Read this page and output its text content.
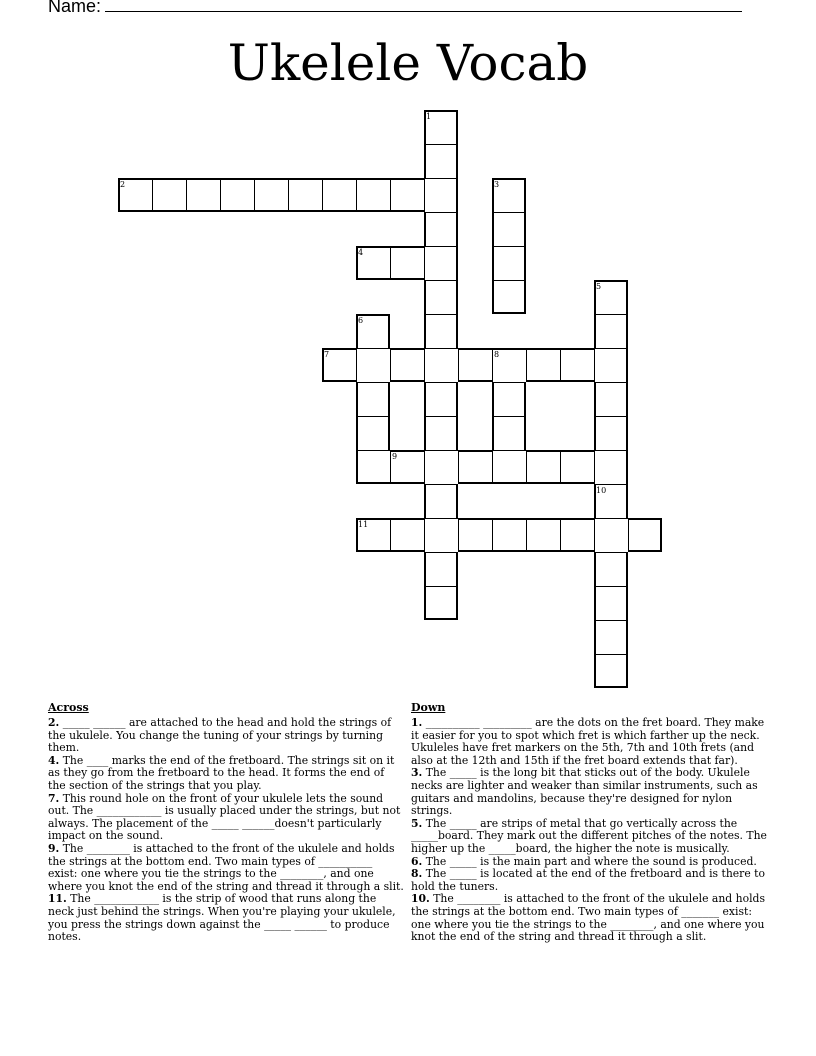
Name:
Ukelele Vocab
1
2	3
4
5
6
7	8
9
10
11
Across

2. _____ ______ are attached to the head and hold the strings of the ukulele. You change the tuning of your strings by turning them.

4. The ____ marks the end of the fretboard. The strings sit on it as they go from the fretboard to the head. It forms the end of the section of the strings that you play.

7. This round hole on the front of your ukulele lets the sound out. The ____________ is usually placed under the strings, but not always. The placement of the _____ ______doesn't particularly impact on the sound.

9. The ________ is attached to the front of the ukulele and holds the strings at the bottom end. Two main types of __________ exist: one where you tie the strings to the ________, and one where you knot the end of the string and thread it through a slit.

11. The ____________ is the strip of wood that runs along the neck just behind the strings. When you're playing your ukulele, you press the strings down against the _____ ______ to produce notes.

Down

1. __________ _________ are the dots on the fret board. They make it easier for you to spot which fret is which farther up the neck. Ukuleles have fret markers on the 5th, 7th and 10th frets (and also at the 12th and 15th if the fret board extends that far).

3. The _____ is the long bit that sticks out of the body. Ukulele necks are lighter and weaker than similar instruments, such as guitars and mandolins, because they're designed for nylon strings.

5. The _____ are strips of metal that go vertically across the _____board. They mark out the different pitches of the notes. The higher up the _____board, the higher the note is musically.

6. The _____ is the main part and where the sound is produced.

8. The _____ is located at the end of the fretboard and is there to hold the tuners.

10. The ________ is attached to the front of the ukulele and holds the strings at the bottom end. Two main types of _______ exist: one where you tie the strings to the ________, and one where you knot the end of the string and thread it through a slit.
